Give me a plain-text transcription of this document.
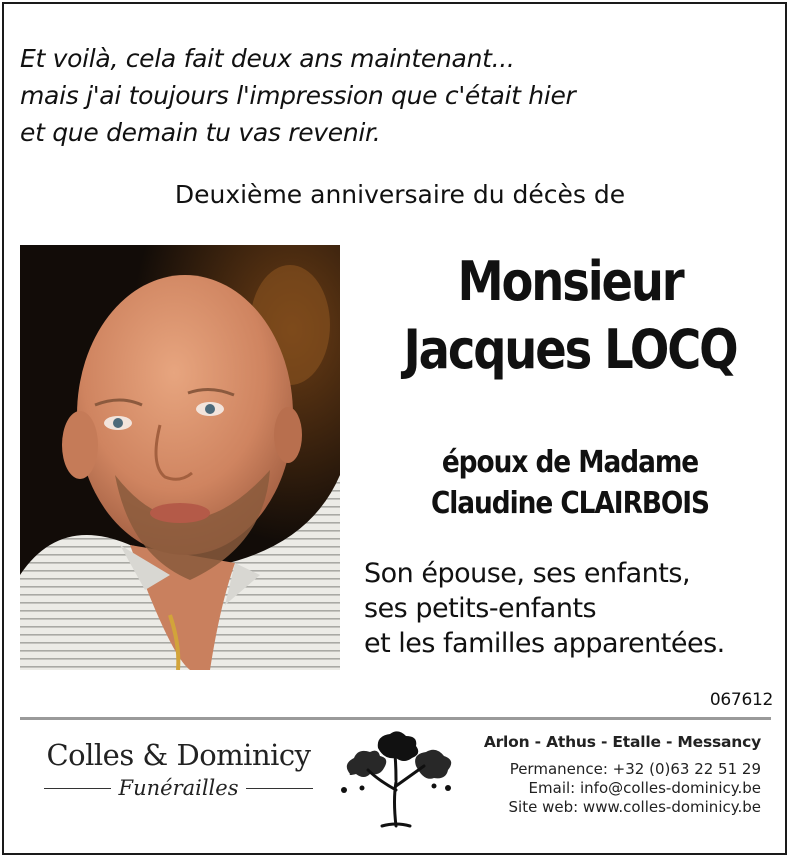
Et voilà, cela fait deux ans maintenant...
mais j'ai toujours l'impression que c'était hier
et que demain tu vas revenir.
Deuxième anniversaire du décès de
Monsieur
Jacques LOCQ
époux de Madame
Claudine CLAIRBOIS
Son épouse, ses enfants,
ses petits-enfants
et les familles apparentées.
067612
Colles & Dominicy
Funérailles
Arlon - Athus - Etalle - Messancy
Permanence: +32 (0)63 22 51 29
Email: info@colles-dominicy.be
Site web: www.colles-dominicy.be
